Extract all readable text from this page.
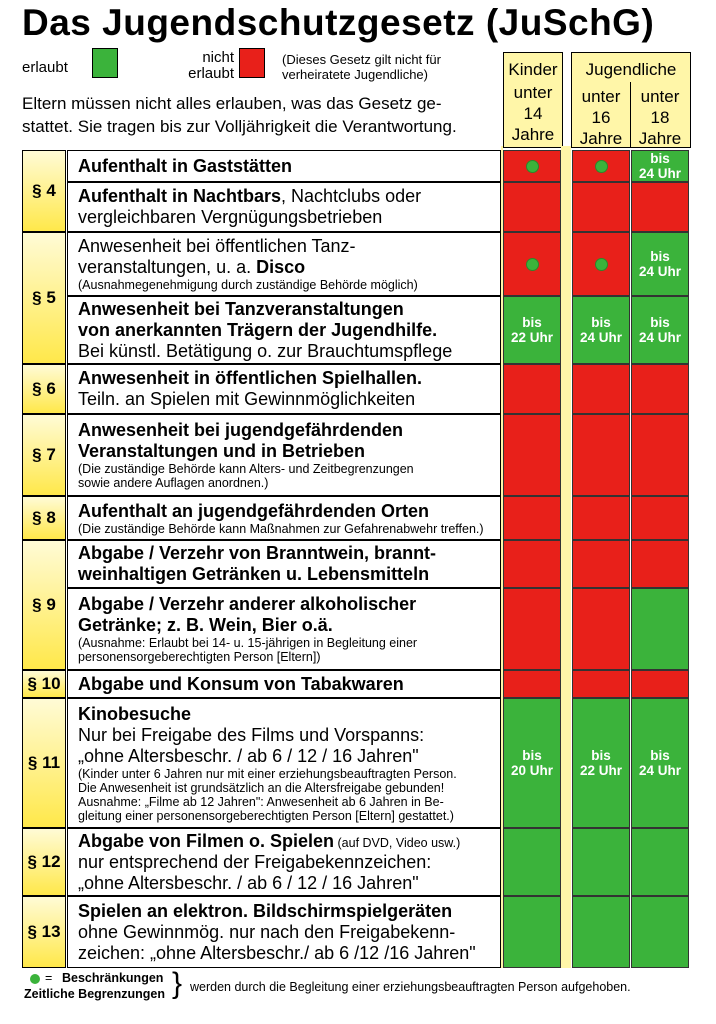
Das Jugendschutzgesetz (JuSchG)
erlaubt
nicht
erlaubt
(Dieses Gesetz gilt nicht für
verheiratete Jugendliche)
Eltern müssen nicht alles erlauben, was das Gesetz ge-
stattet. Sie tragen bis zur Volljährigkeit die Verantwortung.
Kinder
unter
14
Jahre
Jugendliche
unter
16
Jahre
unter
18
Jahre
§ 4
§ 5
§ 6
§ 7
§ 8
§ 9
§ 10
§ 11
§ 12
§ 13
Aufenthalt in Gaststätten
Aufenthalt in Nachtbars, Nachtclubs oder
vergleichbaren Vergnügungsbetrieben
Anwesenheit bei öffentlichen Tanz-
veranstaltungen, u. a. Disco
(Ausnahmegenehmigung durch zuständige Behörde möglich)
Anwesenheit bei Tanzveranstaltungen
von anerkannten Trägern der Jugendhilfe.
Bei künstl. Betätigung o. zur Brauchtumspflege
Anwesenheit in öffentlichen Spielhallen.
Teiln. an Spielen mit Gewinnmöglichkeiten
Anwesenheit bei jugendgefährdenden
Veranstaltungen und in Betrieben
(Die zuständige Behörde kann Alters- und Zeitbegrenzungen
sowie andere Auflagen anordnen.)
Aufenthalt an jugendgefährdenden Orten
(Die zuständige Behörde kann Maßnahmen zur Gefahrenabwehr treffen.)
Abgabe / Verzehr von Branntwein, brannt-
weinhaltigen Getränken u. Lebensmitteln
Abgabe / Verzehr anderer alkoholischer
Getränke; z. B. Wein, Bier o.ä.
(Ausnahme: Erlaubt bei 14- u. 15-jährigen in Begleitung einer
personensorgeberechtigten Person [Eltern])
Abgabe und Konsum von Tabakwaren
Kinobesuche
Nur bei Freigabe des Films und Vorspanns:
„ohne Altersbeschr. / ab 6 / 12 / 16 Jahren"
(Kinder unter 6 Jahren nur mit einer erziehungsbeauftragten Person.
Die Anwesenheit ist grundsätzlich an die Altersfreigabe gebunden!
Ausnahme: „Filme ab 12 Jahren": Anwesenheit ab 6 Jahren in Be-
gleitung einer personensorgeberechtigten Person [Eltern] gestattet.)
Abgabe von Filmen o. Spielen (auf DVD, Video usw.)
nur entsprechend der Freigabekennzeichen:
„ohne Altersbeschr. / ab 6 / 12 / 16 Jahren"
Spielen an elektron. Bildschirmspielgeräten
ohne Gewinnmög. nur nach den Freigabekenn-
zeichen: „ohne Altersbeschr./ ab 6 /12 /16 Jahren"
bis
24 Uhr
bis
24 Uhr
bis
22 Uhr
bis
24 Uhr
bis
24 Uhr
bis
20 Uhr
bis
22 Uhr
bis
24 Uhr
= Beschränkungen
Zeitliche Begrenzungen } werden durch die Begleitung einer erziehungsbeauftragten Person aufgehoben.
